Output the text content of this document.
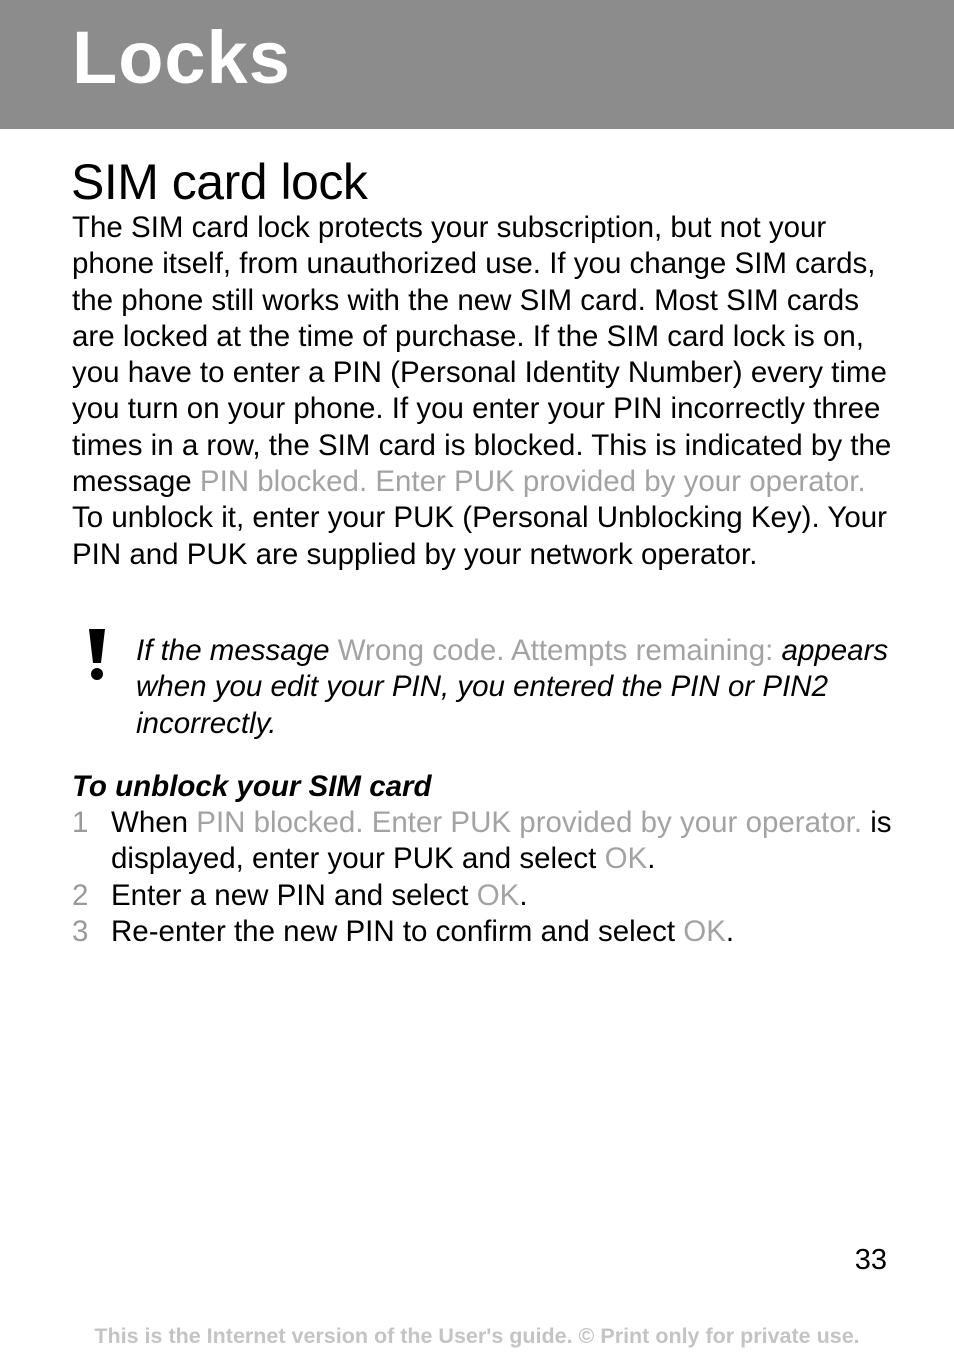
Locks
SIM card lock

The SIM card lock protects your subscription, but not your phone itself, from unauthorized use. If you change SIM cards, the phone still works with the new SIM card. Most SIM cards are locked at the time of purchase. If the SIM card lock is on, you have to enter a PIN (Personal Identity Number) every time you turn on your phone. If you enter your PIN incorrectly three times in a row, the SIM card is blocked. This is indicated by the message PIN blocked. Enter PUK provided by your operator.
To unblock it, enter your PUK (Personal Unblocking Key). Your PIN and PUK are supplied by your network operator.

If the message Wrong code. Attempts remaining: appears when you edit your PIN, you entered the PIN or PIN2 incorrectly.

To unblock your SIM card
1 When PIN blocked. Enter PUK provided by your operator. is displayed, enter your PUK and select OK.
2 Enter a new PIN and select OK.
3 Re-enter the new PIN to confirm and select OK.
33
This is the Internet version of the User's guide. © Print only for private use.
